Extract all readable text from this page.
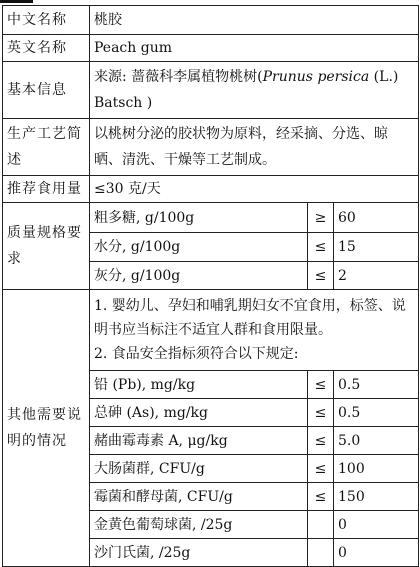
中文名称	桃胶		
英文名称	Peach gum		
基本信息	来源: 蔷薇科李属植物桃树(Prunus persica (L.) Batsch )		
生产工艺简述	以桃树分泌的胶状物为原料，经采摘、分选、晾晒、清洗、干燥等工艺制成。		
推荐食用量	≤30 克/天		
质量规格要求	粗多糖, g/100g	≥	60
	水分, g/100g	≤	15
	灰分, g/100g	≤	2
其他需要说明的情况	1. 婴幼儿、孕妇和哺乳期妇女不宜食用，标签、说明书应当标注不适宜人群和食用限量。
2. 食品安全指标须符合以下规定:		

	铅 (Pb), mg/kg	≤	0.5
	总砷 (As), mg/kg	≤	0.5
	赭曲霉毒素 A, μg/kg	≤	5.0
	大肠菌群, CFU/g	≤	100
	霉菌和酵母菌, CFU/g	≤	150
	金黄色葡萄球菌, /25g		0
	沙门氏菌, /25g		0
